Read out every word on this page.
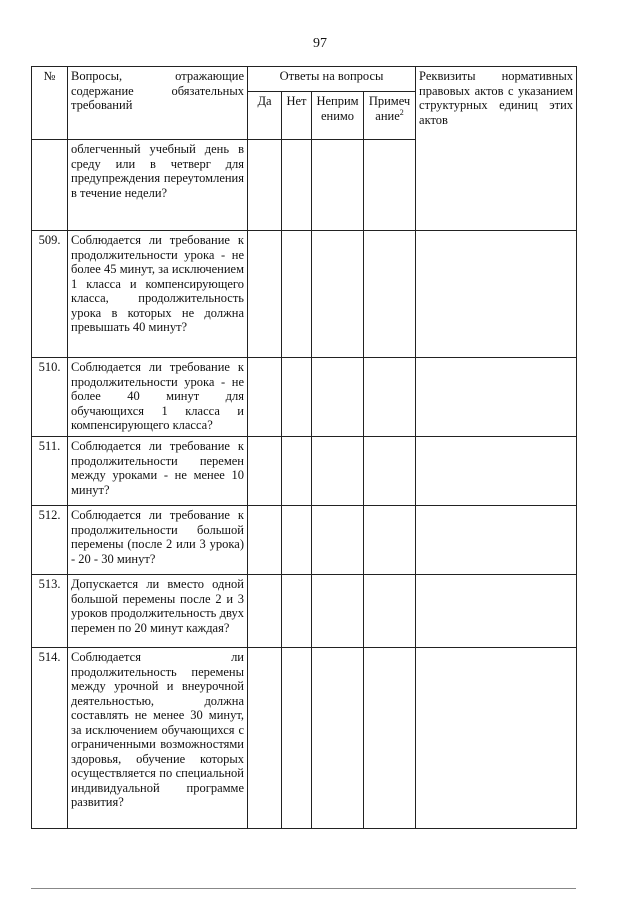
97
№	Вопросы, отражающие содержание обязательных требований	Ответы на вопросы				Реквизиты нормативных правовых актов с указанием структурных единиц этих актов
		Да	Нет	Неприм енимо	Примеч ание$^2$
	облегченный учебный день в среду или в четверг для предупреждения переутомления в течение недели?					
509.	Соблюдается ли требование к продолжительности урока - не более 45 минут, за исключением 1 класса и компенсирующего класса, продолжительность урока в которых не должна превышать 40 минут?					
510.	Соблюдается ли требование к продолжительности урока - не более 40 минут для обучающихся 1 класса и компенсирующего класса?					
511.	Соблюдается ли требование к продолжительности перемен между уроками - не менее 10 минут?					
512.	Соблюдается ли требование к продолжительности большой перемены (после 2 или 3 урока) - 20 - 30 минут?					
513.	Допускается ли вместо одной большой перемены после 2 и 3 уроков продолжительность двух перемен по 20 минут каждая?					
514.	Соблюдается ли продолжительность перемены между урочной и внеурочной деятельностью, должна составлять не менее 30 минут, за исключением обучающихся с ограниченными возможностями здоровья, обучение которых осуществляется по специальной индивидуальной программе развития?					
